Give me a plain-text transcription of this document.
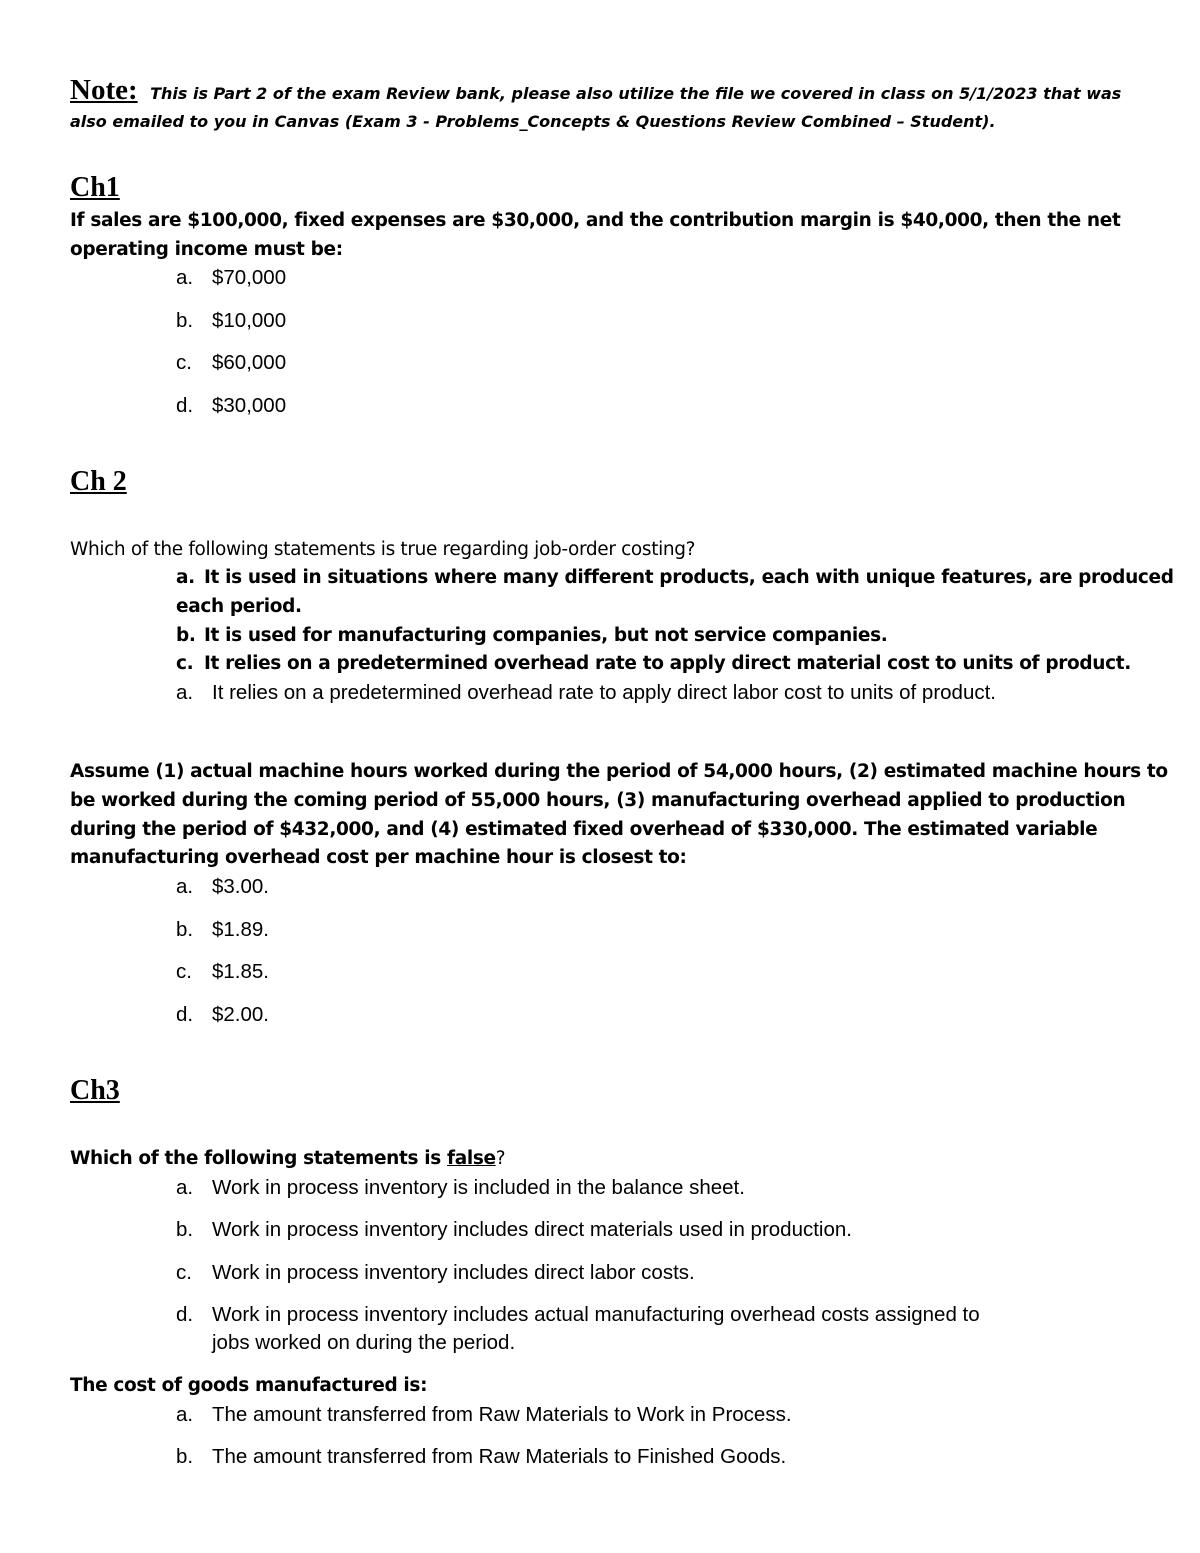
Note: This is Part 2 of the exam Review bank, please also utilize the file we covered in class on 5/1/2023 that was
also emailed to you in Canvas (Exam 3 - Problems_Concepts & Questions Review Combined – Student).
Ch1
If sales are $100,000, fixed expenses are $30,000, and the contribution margin is $40,000, then the net
operating income must be:
a. $70,000
b. $10,000
c. $60,000
d. $30,000
Ch 2
Which of the following statements is true regarding job-order costing?
a. It is used in situations where many different products, each with unique features, are produced
each period.
b. It is used for manufacturing companies, but not service companies.
c. It relies on a predetermined overhead rate to apply direct material cost to units of product.
a. It relies on a predetermined overhead rate to apply direct labor cost to units of product.
Assume (1) actual machine hours worked during the period of 54,000 hours, (2) estimated machine hours to
be worked during the coming period of 55,000 hours, (3) manufacturing overhead applied to production
during the period of $432,000, and (4) estimated fixed overhead of $330,000. The estimated variable
manufacturing overhead cost per machine hour is closest to:
a. $3.00.
b. $1.89.
c. $1.85.
d. $2.00.
Ch3
Which of the following statements is false?
a. Work in process inventory is included in the balance sheet.
b. Work in process inventory includes direct materials used in production.
c. Work in process inventory includes direct labor costs.
d. Work in process inventory includes actual manufacturing overhead costs assigned to
jobs worked on during the period.
The cost of goods manufactured is:
a. The amount transferred from Raw Materials to Work in Process.
b. The amount transferred from Raw Materials to Finished Goods.
